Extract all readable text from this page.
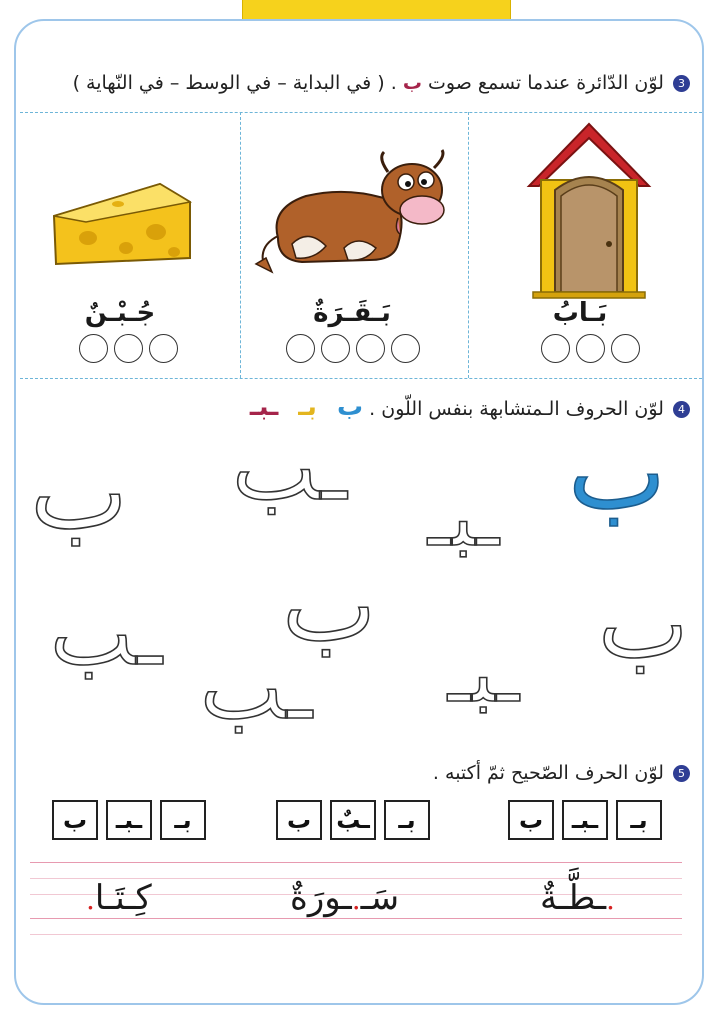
3 لوّن الدّائرة عندما تسمع صوت ب . ( في البداية – في الوسط – في النّهاية )
بَـابُ
بَـقَـرَةٌ
جُـبْـنٌ
4 لوّن الحروف الـمتشابهة بنفس اللّون . ب بـ ـبـ
ب
ب ـب ـبـ
ب
ـب	ب
ـبـ
ـب
5 لوّن الحرف الصّحيح ثمّ أكتبه .
ب	ـبـ	بـ	ب	ـبٌ	بـ	ب	ـبـ	بـ
.ـطَّـةٌ
سَـ.ـورَةٌ
كِـتَـا.
